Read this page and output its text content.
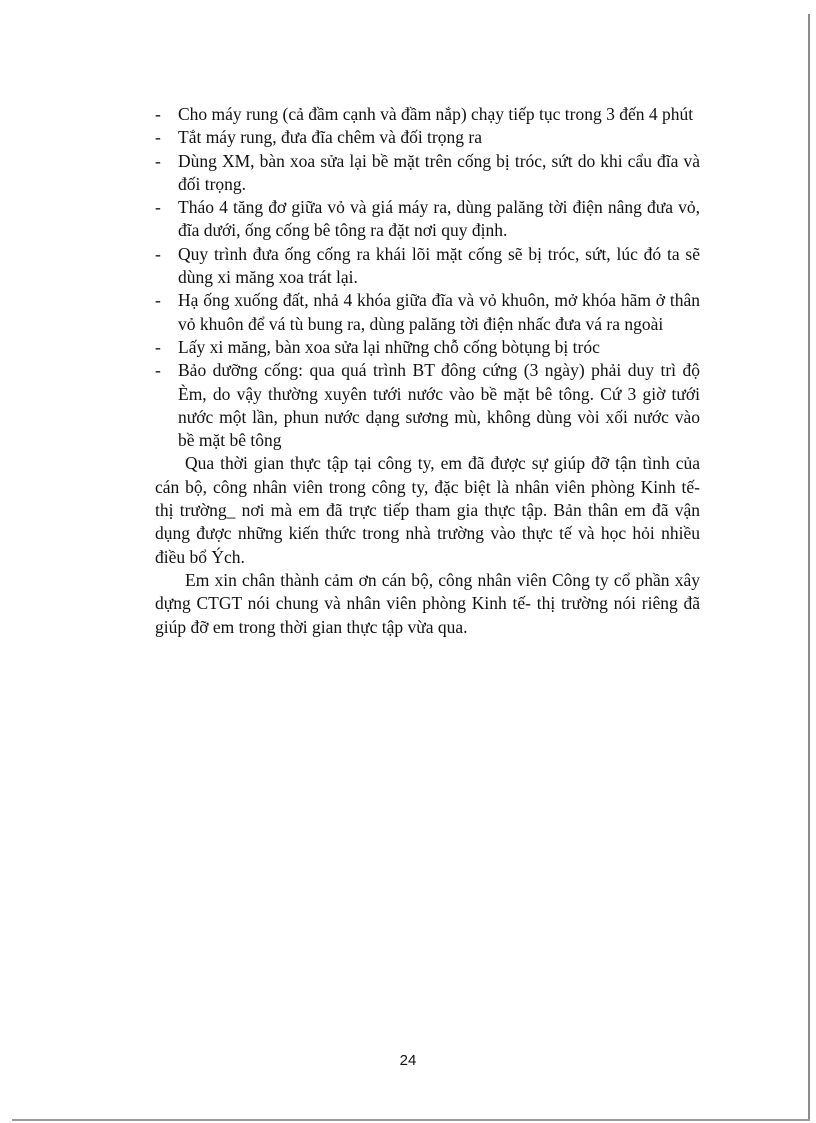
- Cho máy rung (cả đầm cạnh và đầm nắp) chạy tiếp tục trong 3 đến 4 phút
- Tắt máy rung, đưa đĩa chêm và đối trọng ra
- Dùng XM, bàn xoa sửa lại bề mặt trên cống bị tróc, sứt do khi cẩu đĩa và đối trọng.
- Tháo 4 tăng đơ giữa vỏ và giá máy ra, dùng palăng tời điện nâng đưa vỏ, đĩa dưới, ống cống bê tông ra đặt nơi quy định.
- Quy trình đưa ống cống ra khái lõi mặt cống sẽ bị tróc, sứt, lúc đó ta sẽ dùng xi măng xoa trát lại.
- Hạ ống xuống đất, nhả 4 khóa giữa đĩa và vỏ khuôn, mở khóa hãm ở thân vỏ khuôn để vá tù bung ra, dùng palăng tời điện nhấc đưa vá ra ngoài
- Lấy xi măng, bàn xoa sửa lại những chỗ cống bòtụng bị tróc
- Bảo dưỡng cống: qua quá trình BT đông cứng (3 ngày) phải duy trì độ Èm, do vậy thường xuyên tưới nước vào bề mặt bê tông. Cứ 3 giờ tưới nước một lần, phun nước dạng sương mù, không dùng vòi xối nước vào bề mặt bê tông

Qua thời gian thực tập tại công ty, em đã được sự giúp đỡ tận tình của cán bộ, công nhân viên trong công ty, đặc biệt là nhân viên phòng Kinh tế- thị trường_ nơi mà em đã trực tiếp tham gia thực tập. Bản thân em đã vận dụng được những kiến thức trong nhà trường vào thực tế và học hỏi nhiều điều bổ Ých.

Em xin chân thành cảm ơn cán bộ, công nhân viên Công ty cổ phần xây dựng CTGT nói chung và nhân viên phòng Kinh tế- thị trường nói riêng đã giúp đỡ em trong thời gian thực tập vừa qua.

24
